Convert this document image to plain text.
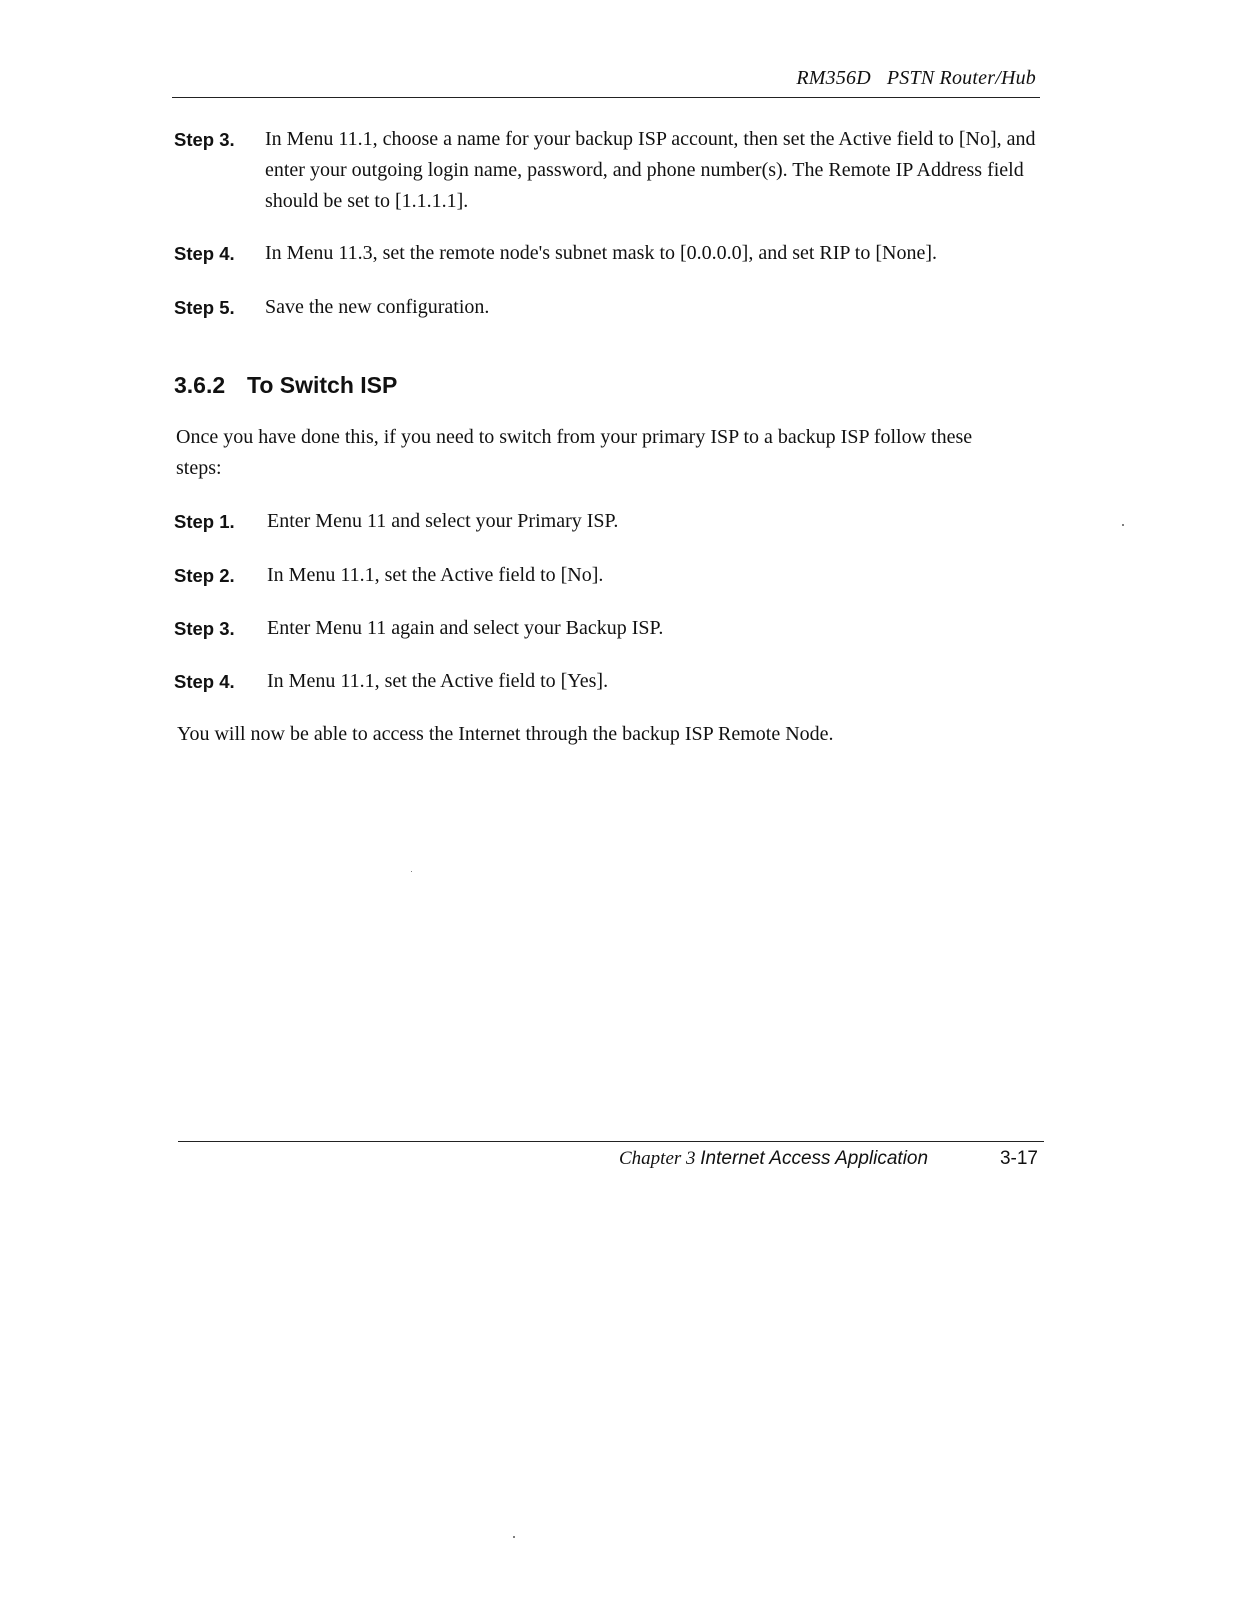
RM356D PSTN Router/Hub
Step 3. In Menu 11.1, choose a name for your backup ISP account, then set the Active field to [No], and enter your outgoing login name, password, and phone number(s). The Remote IP Address field should be set to [1.1.1.1].
Step 4. In Menu 11.3, set the remote node's subnet mask to [0.0.0.0], and set RIP to [None].
Step 5. Save the new configuration.
3.6.2 To Switch ISP
Once you have done this, if you need to switch from your primary ISP to a backup ISP follow these steps:
Step 1. Enter Menu 11 and select your Primary ISP.
Step 2. In Menu 11.1, set the Active field to [No].
Step 3. Enter Menu 11 again and select your Backup ISP.
Step 4. In Menu 11.1, set the Active field to [Yes].
You will now be able to access the Internet through the backup ISP Remote Node.
Chapter 3 Internet Access Application	3-17
